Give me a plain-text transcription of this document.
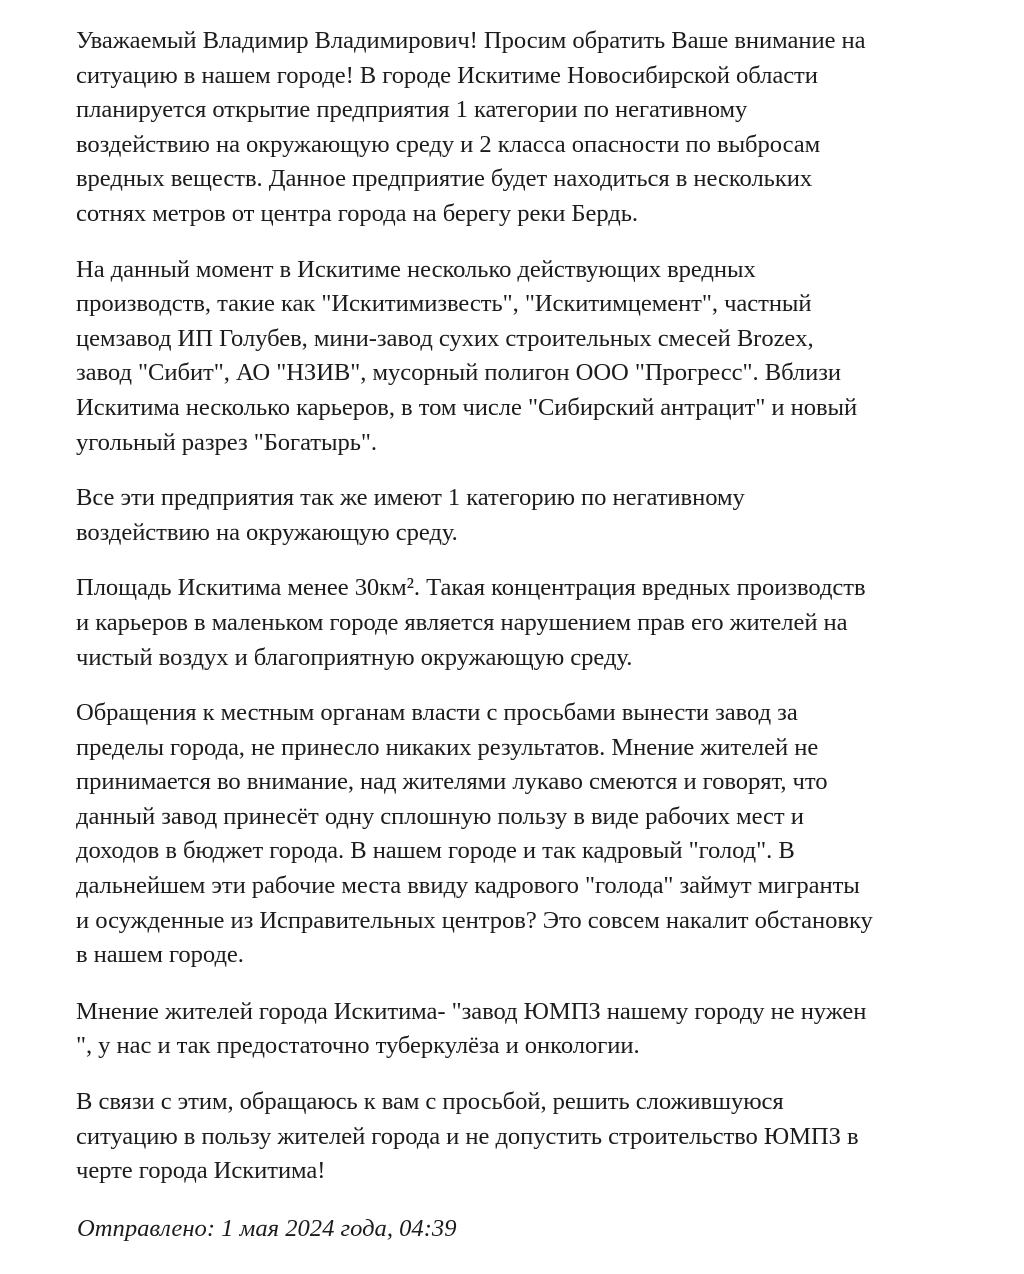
Уважаемый Владимир Владимирович! Просим обратить Ваше внимание на
ситуацию в нашем городе! В городе Искитиме Новосибирской области
планируется открытие предприятия 1 категории по негативному
воздействию на окружающую среду и 2 класса опасности по выбросам
вредных веществ. Данное предприятие будет находиться в нескольких
сотнях метров от центра города на берегу реки Бердь.

На данный момент в Искитиме несколько действующих вредных
производств, такие как "Искитимизвесть", "Искитимцемент", частный
цемзавод ИП Голубев, мини-завод сухих строительных смесей Brozex,
завод "Сибит", АО "НЗИВ", мусорный полигон ООО "Прогресс". Вблизи
Искитима несколько карьеров, в том числе "Сибирский антрацит" и новый
угольный разрез "Богатырь".

Все эти предприятия так же имеют 1 категорию по негативному
воздействию на окружающую среду.

Площадь Искитима менее 30км². Такая концентрация вредных производств
и карьеров в маленьком городе является нарушением прав его жителей на
чистый воздух и благоприятную окружающую среду.

Обращения к местным органам власти с просьбами вынести завод за
пределы города, не принесло никаких результатов. Мнение жителей не
принимается во внимание, над жителями лукаво смеются и говорят, что
данный завод принесёт одну сплошную пользу в виде рабочих мест и
доходов в бюджет города. В нашем городе и так кадровый "голод". В
дальнейшем эти рабочие места ввиду кадрового "голода" займут мигранты
и осужденные из Исправительных центров? Это совсем накалит обстановку
в нашем городе.

Мнение жителей города Искитима- "завод ЮМПЗ нашему городу не нужен
", у нас и так предостаточно туберкулёза и онкологии.

В связи с этим, обращаюсь к вам с просьбой, решить сложившуюся
ситуацию в пользу жителей города и не допустить строительство ЮМПЗ в
черте города Искитима!

Отправлено: 1 мая 2024 года, 04:39
